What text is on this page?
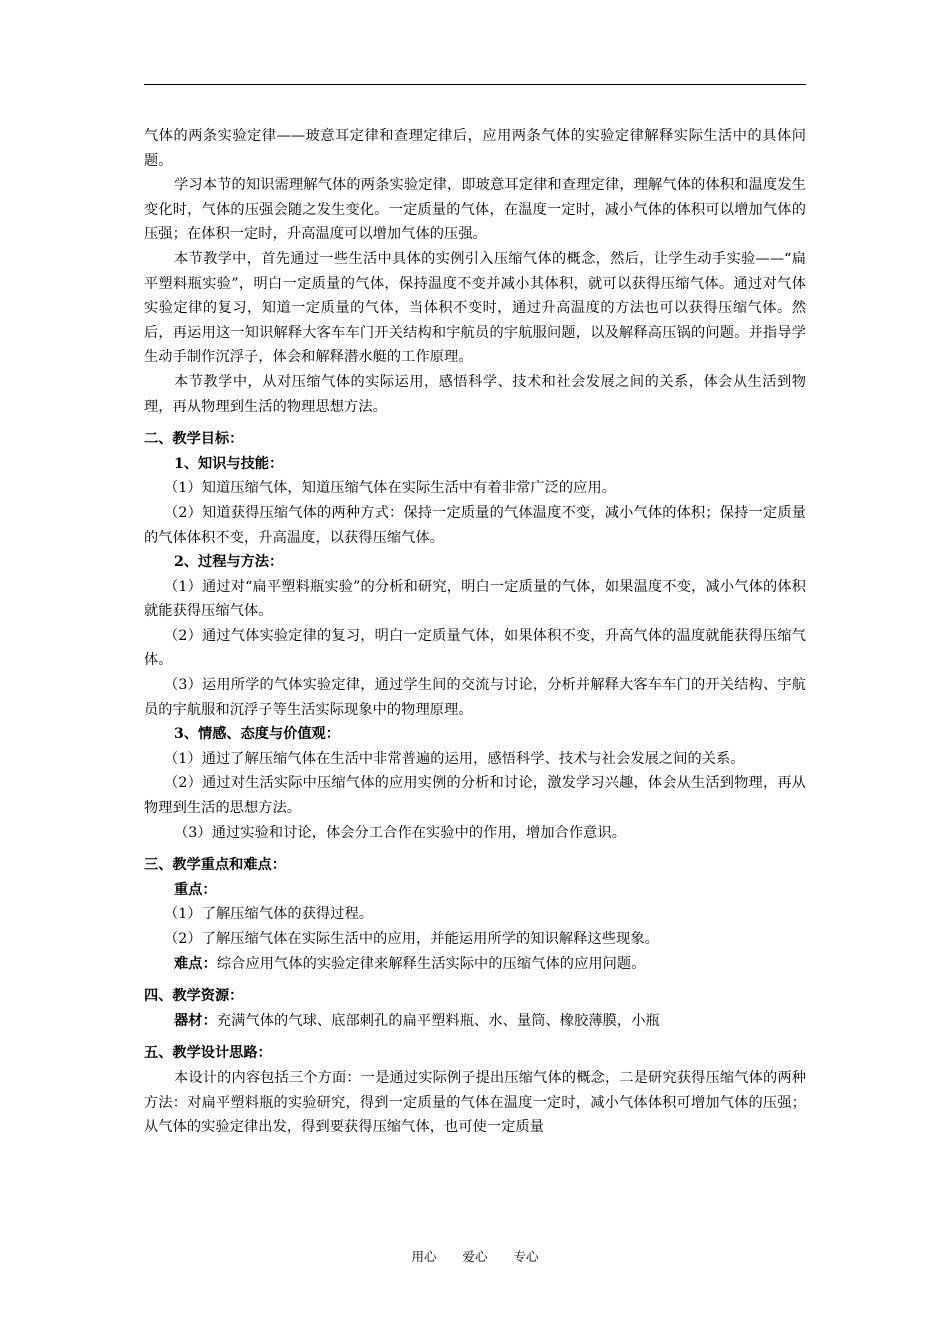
气体的两条实验定律——玻意耳定律和查理定律后，应用两条气体的实验定律解释实际生活中的具体问题。

学习本节的知识需理解气体的两条实验定律，即玻意耳定律和查理定律，理解气体的体积和温度发生变化时，气体的压强会随之发生变化。一定质量的气体，在温度一定时，减小气体的体积可以增加气体的压强；在体积一定时，升高温度可以增加气体的压强。

本节教学中，首先通过一些生活中具体的实例引入压缩气体的概念，然后，让学生动手实验——“扁平塑料瓶实验”，明白一定质量的气体，保持温度不变并减小其体积，就可以获得压缩气体。通过对气体实验定律的复习，知道一定质量的气体，当体积不变时，通过升高温度的方法也可以获得压缩气体。然后，再运用这一知识解释大客车车门开关结构和宇航员的宇航服问题，以及解释高压锅的问题。并指导学生动手制作沉浮子，体会和解释潜水艇的工作原理。

本节教学中，从对压缩气体的实际运用，感悟科学、技术和社会发展之间的关系，体会从生活到物理，再从物理到生活的物理思想方法。

二、教学目标：

1、知识与技能：

（1）知道压缩气体，知道压缩气体在实际生活中有着非常广泛的应用。

（2）知道获得压缩气体的两种方式：保持一定质量的气体温度不变，减小气体的体积；保持一定质量的气体体积不变，升高温度，以获得压缩气体。

2、过程与方法：

（1）通过对“扁平塑料瓶实验”的分析和研究，明白一定质量的气体，如果温度不变，减小气体的体积就能获得压缩气体。

（2）通过气体实验定律的复习，明白一定质量气体，如果体积不变，升高气体的温度就能获得压缩气体。

（3）运用所学的气体实验定律，通过学生间的交流与讨论，分析并解释大客车车门的开关结构、宇航员的宇航服和沉浮子等生活实际现象中的物理原理。

3、情感、态度与价值观：

（1）通过了解压缩气体在生活中非常普遍的运用，感悟科学、技术与社会发展之间的关系。

（2）通过对生活实际中压缩气体的应用实例的分析和讨论，激发学习兴趣，体会从生活到物理，再从物理到生活的思想方法。

（3）通过实验和讨论，体会分工合作在实验中的作用，增加合作意识。

三、教学重点和难点：

重点：

（1）了解压缩气体的获得过程。

（2）了解压缩气体在实际生活中的应用，并能运用所学的知识解释这些现象。

难点：综合应用气体的实验定律来解释生活实际中的压缩气体的应用问题。

四、教学资源：

器材：充满气体的气球、底部刺孔的扁平塑料瓶、水、量筒、橡胶薄膜，小瓶

五、教学设计思路：

本设计的内容包括三个方面：一是通过实际例子提出压缩气体的概念，二是研究获得压缩气体的两种方法：对扁平塑料瓶的实验研究，得到一定质量的气体在温度一定时，减小气体体积可增加气体的压强；从气体的实验定律出发，得到要获得压缩气体，也可使一定质量

用心 爱心 专心
